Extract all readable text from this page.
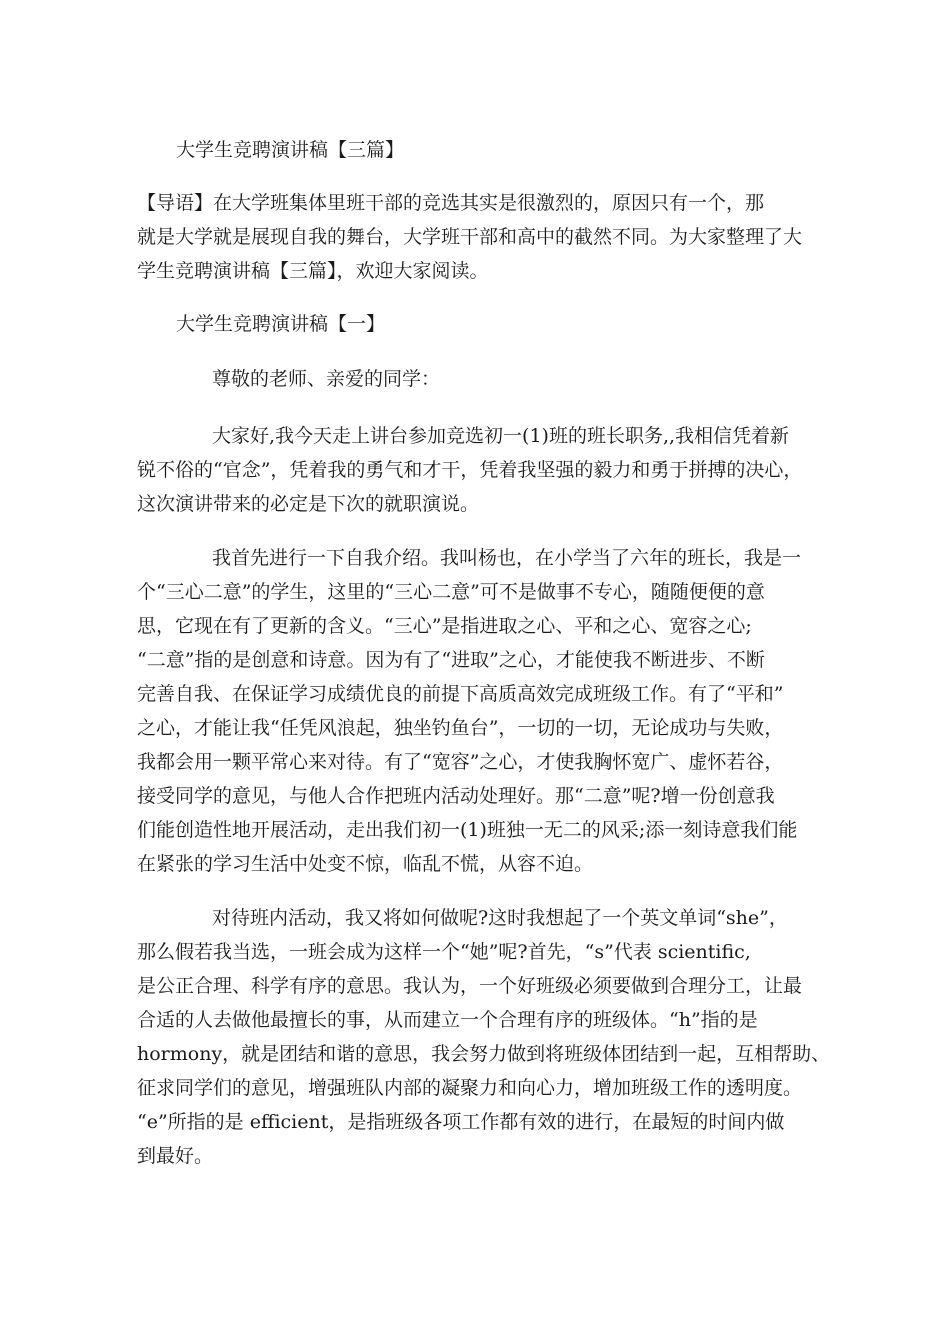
大学生竞聘演讲稿【三篇】

【导语】在大学班集体里班干部的竞选其实是很激烈的，原因只有一个，那

就是大学就是展现自我的舞台，大学班干部和高中的截然不同。为大家整理了大

学生竞聘演讲稿【三篇】，欢迎大家阅读。

大学生竞聘演讲稿【一】

尊敬的老师、亲爱的同学：

大家好,我今天走上讲台参加竞选初一(1)班的班长职务,,我相信凭着新

锐不俗的“官念”，凭着我的勇气和才干，凭着我坚强的毅力和勇于拼搏的决心，

这次演讲带来的必定是下次的就职演说。

我首先进行一下自我介绍。我叫杨也，在小学当了六年的班长，我是一

个“三心二意”的学生，这里的“三心二意”可不是做事不专心，随随便便的意

思，它现在有了更新的含义。“三心”是指进取之心、平和之心、宽容之心;

“二意”指的是创意和诗意。因为有了“进取”之心，才能使我不断进步、不断

完善自我、在保证学习成绩优良的前提下高质高效完成班级工作。有了“平和”

之心，才能让我“任凭风浪起，独坐钓鱼台”，一切的一切，无论成功与失败，

我都会用一颗平常心来对待。有了“宽容”之心，才使我胸怀宽广、虚怀若谷，

接受同学的意见，与他人合作把班内活动处理好。那“二意”呢?增一份创意我

们能创造性地开展活动，走出我们初一(1)班独一无二的风采;添一刻诗意我们能

在紧张的学习生活中处变不惊，临乱不慌，从容不迫。

对待班内活动，我又将如何做呢?这时我想起了一个英文单词“she”，

那么假若我当选，一班会成为这样一个“她”呢?首先，“s”代表 scientific,

是公正合理、科学有序的意思。我认为，一个好班级必须要做到合理分工，让最

合适的人去做他最擅长的事，从而建立一个合理有序的班级体。“h”指的是

hormony，就是团结和谐的意思，我会努力做到将班级体团结到一起，互相帮助、

征求同学们的意见，增强班队内部的凝聚力和向心力，增加班级工作的透明度。

“e”所指的是 efficient，是指班级各项工作都有效的进行，在最短的时间内做

到最好。
